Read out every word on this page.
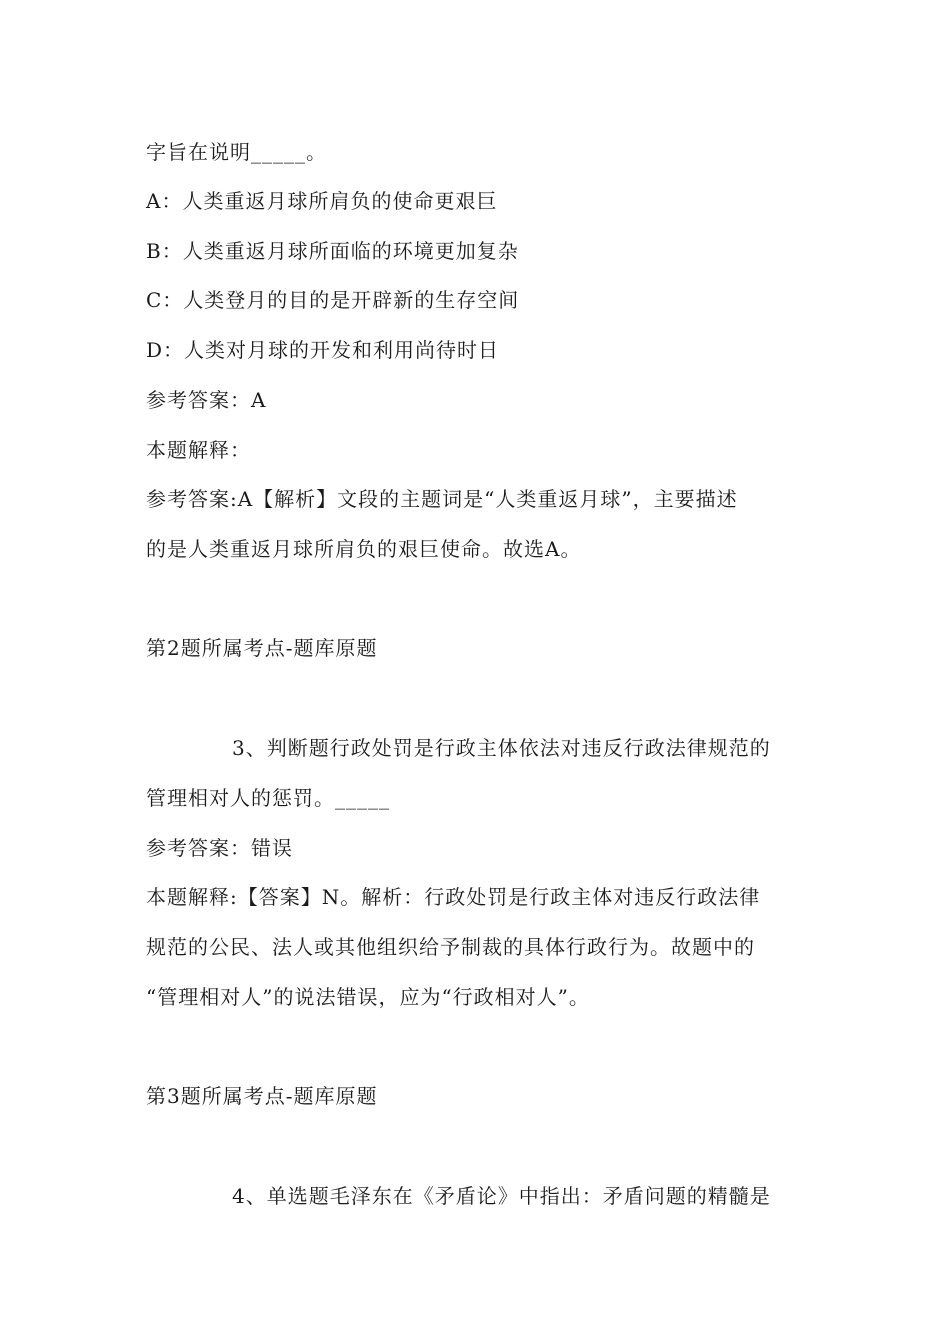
字旨在说明_____。
A：人类重返月球所肩负的使命更艰巨
B：人类重返月球所面临的环境更加复杂
C：人类登月的目的是开辟新的生存空间
D：人类对月球的开发和利用尚待时日
参考答案：A
本题解释：
参考答案:A【解析】文段的主题词是“人类重返月球”，主要描述
的是人类重返月球所肩负的艰巨使命。故选A。
第2题所属考点-题库原题
3、判断题行政处罚是行政主体依法对违反行政法律规范的
管理相对人的惩罚。_____
参考答案：错误
本题解释:【答案】N。解析：行政处罚是行政主体对违反行政法律
规范的公民、法人或其他组织给予制裁的具体行政行为。故题中的
“管理相对人”的说法错误，应为“行政相对人”。
第3题所属考点-题库原题
4、单选题毛泽东在《矛盾论》中指出：矛盾问题的精髓是
